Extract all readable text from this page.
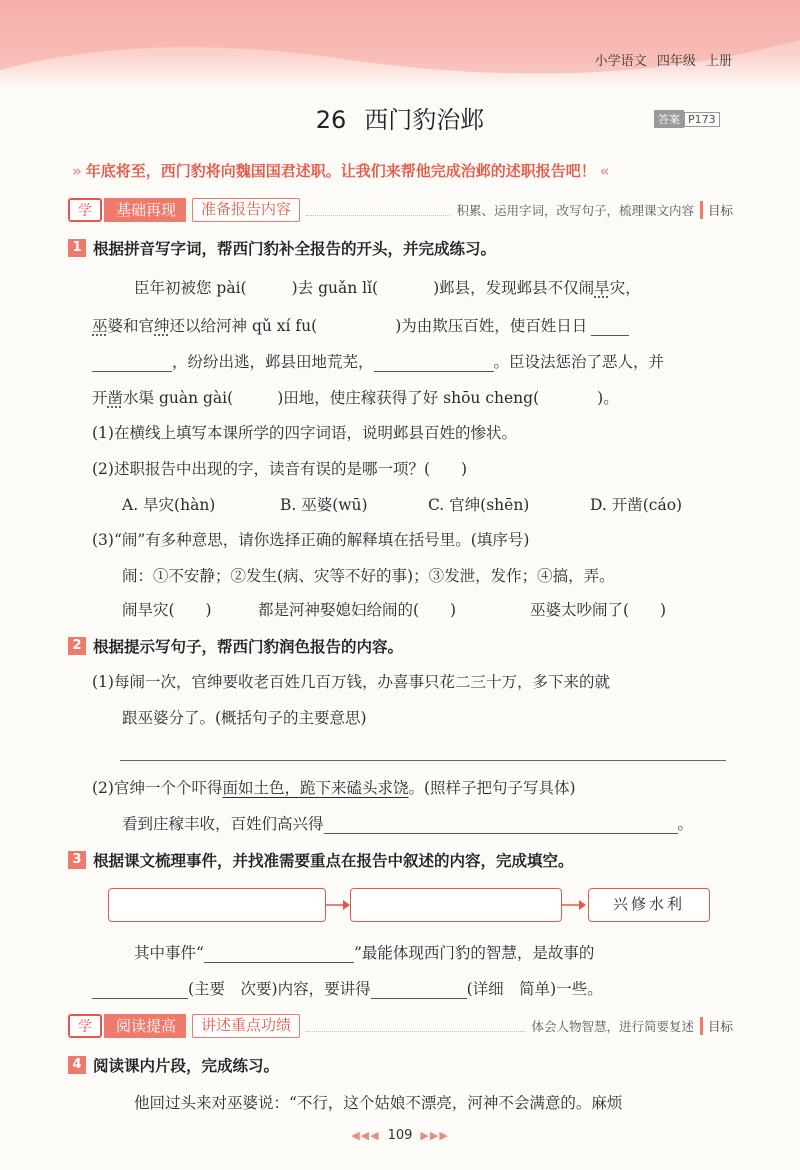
小学语文 四年级 上册
26 西门豹治邺	答案 P173
» 年底将至，西门豹将向魏国国君述职。让我们来帮他完成治邺的述职报告吧！ «
学	基础再现	准备报告内容	积累、运用字词，改写句子，梳理课文内容	目标
1 根据拼音写字词，帮西门豹补全报告的开头，并完成练习。
臣年初被您 pài(	)去 guǎn lǐ(	)邺县，发现邺县不仅闹旱灾，
巫婆和官绅还以给河神 qǔ xí fu(	)为由欺压百姓，使百姓日日
，纷纷出逃，邺县田地荒芜，	。臣设法惩治了恶人，并
开凿水渠 guàn gài(	)田地，使庄稼获得了好 shōu cheng(	)。
(1)在横线上填写本课所学的四字词语，说明邺县百姓的惨状。
(2)述职报告中出现的字，读音有误的是哪一项？(　　)
A. 旱灾(hàn)	B. 巫婆(wū)	C. 官绅(shēn)	D. 开凿(cáo)
(3)“闹”有多种意思，请你选择正确的解释填在括号里。(填序号)
闹：①不安静；②发生(病、灾等不好的事)；③发泄，发作；④搞，弄。
闹旱灾(　　)	都是河神娶媳妇给闹的(　　)	巫婆太吵闹了(　　)
2 根据提示写句子，帮西门豹润色报告的内容。
(1)每闹一次，官绅要收老百姓几百万钱，办喜事只花二三十万，多下来的就
跟巫婆分了。(概括句子的主要意思)
(2)官绅一个个吓得面如土色，跪下来磕头求饶。(照样子把句子写具体)
看到庄稼丰收，百姓们高兴得	。
3 根据课文梳理事件，并找准需要重点在报告中叙述的内容，完成填空。
兴修水利
其中事件“	”最能体现西门豹的智慧，是故事的
(主要　次要)内容，要讲得	(详细　简单)一些。
学	阅读提高	讲述重点功绩	体会人物智慧，进行简要复述	目标
4 阅读课内片段，完成练习。
他回过头来对巫婆说：“不行，这个姑娘不漂亮，河神不会满意的。麻烦
◀◀◀ 109 ▶▶▶
